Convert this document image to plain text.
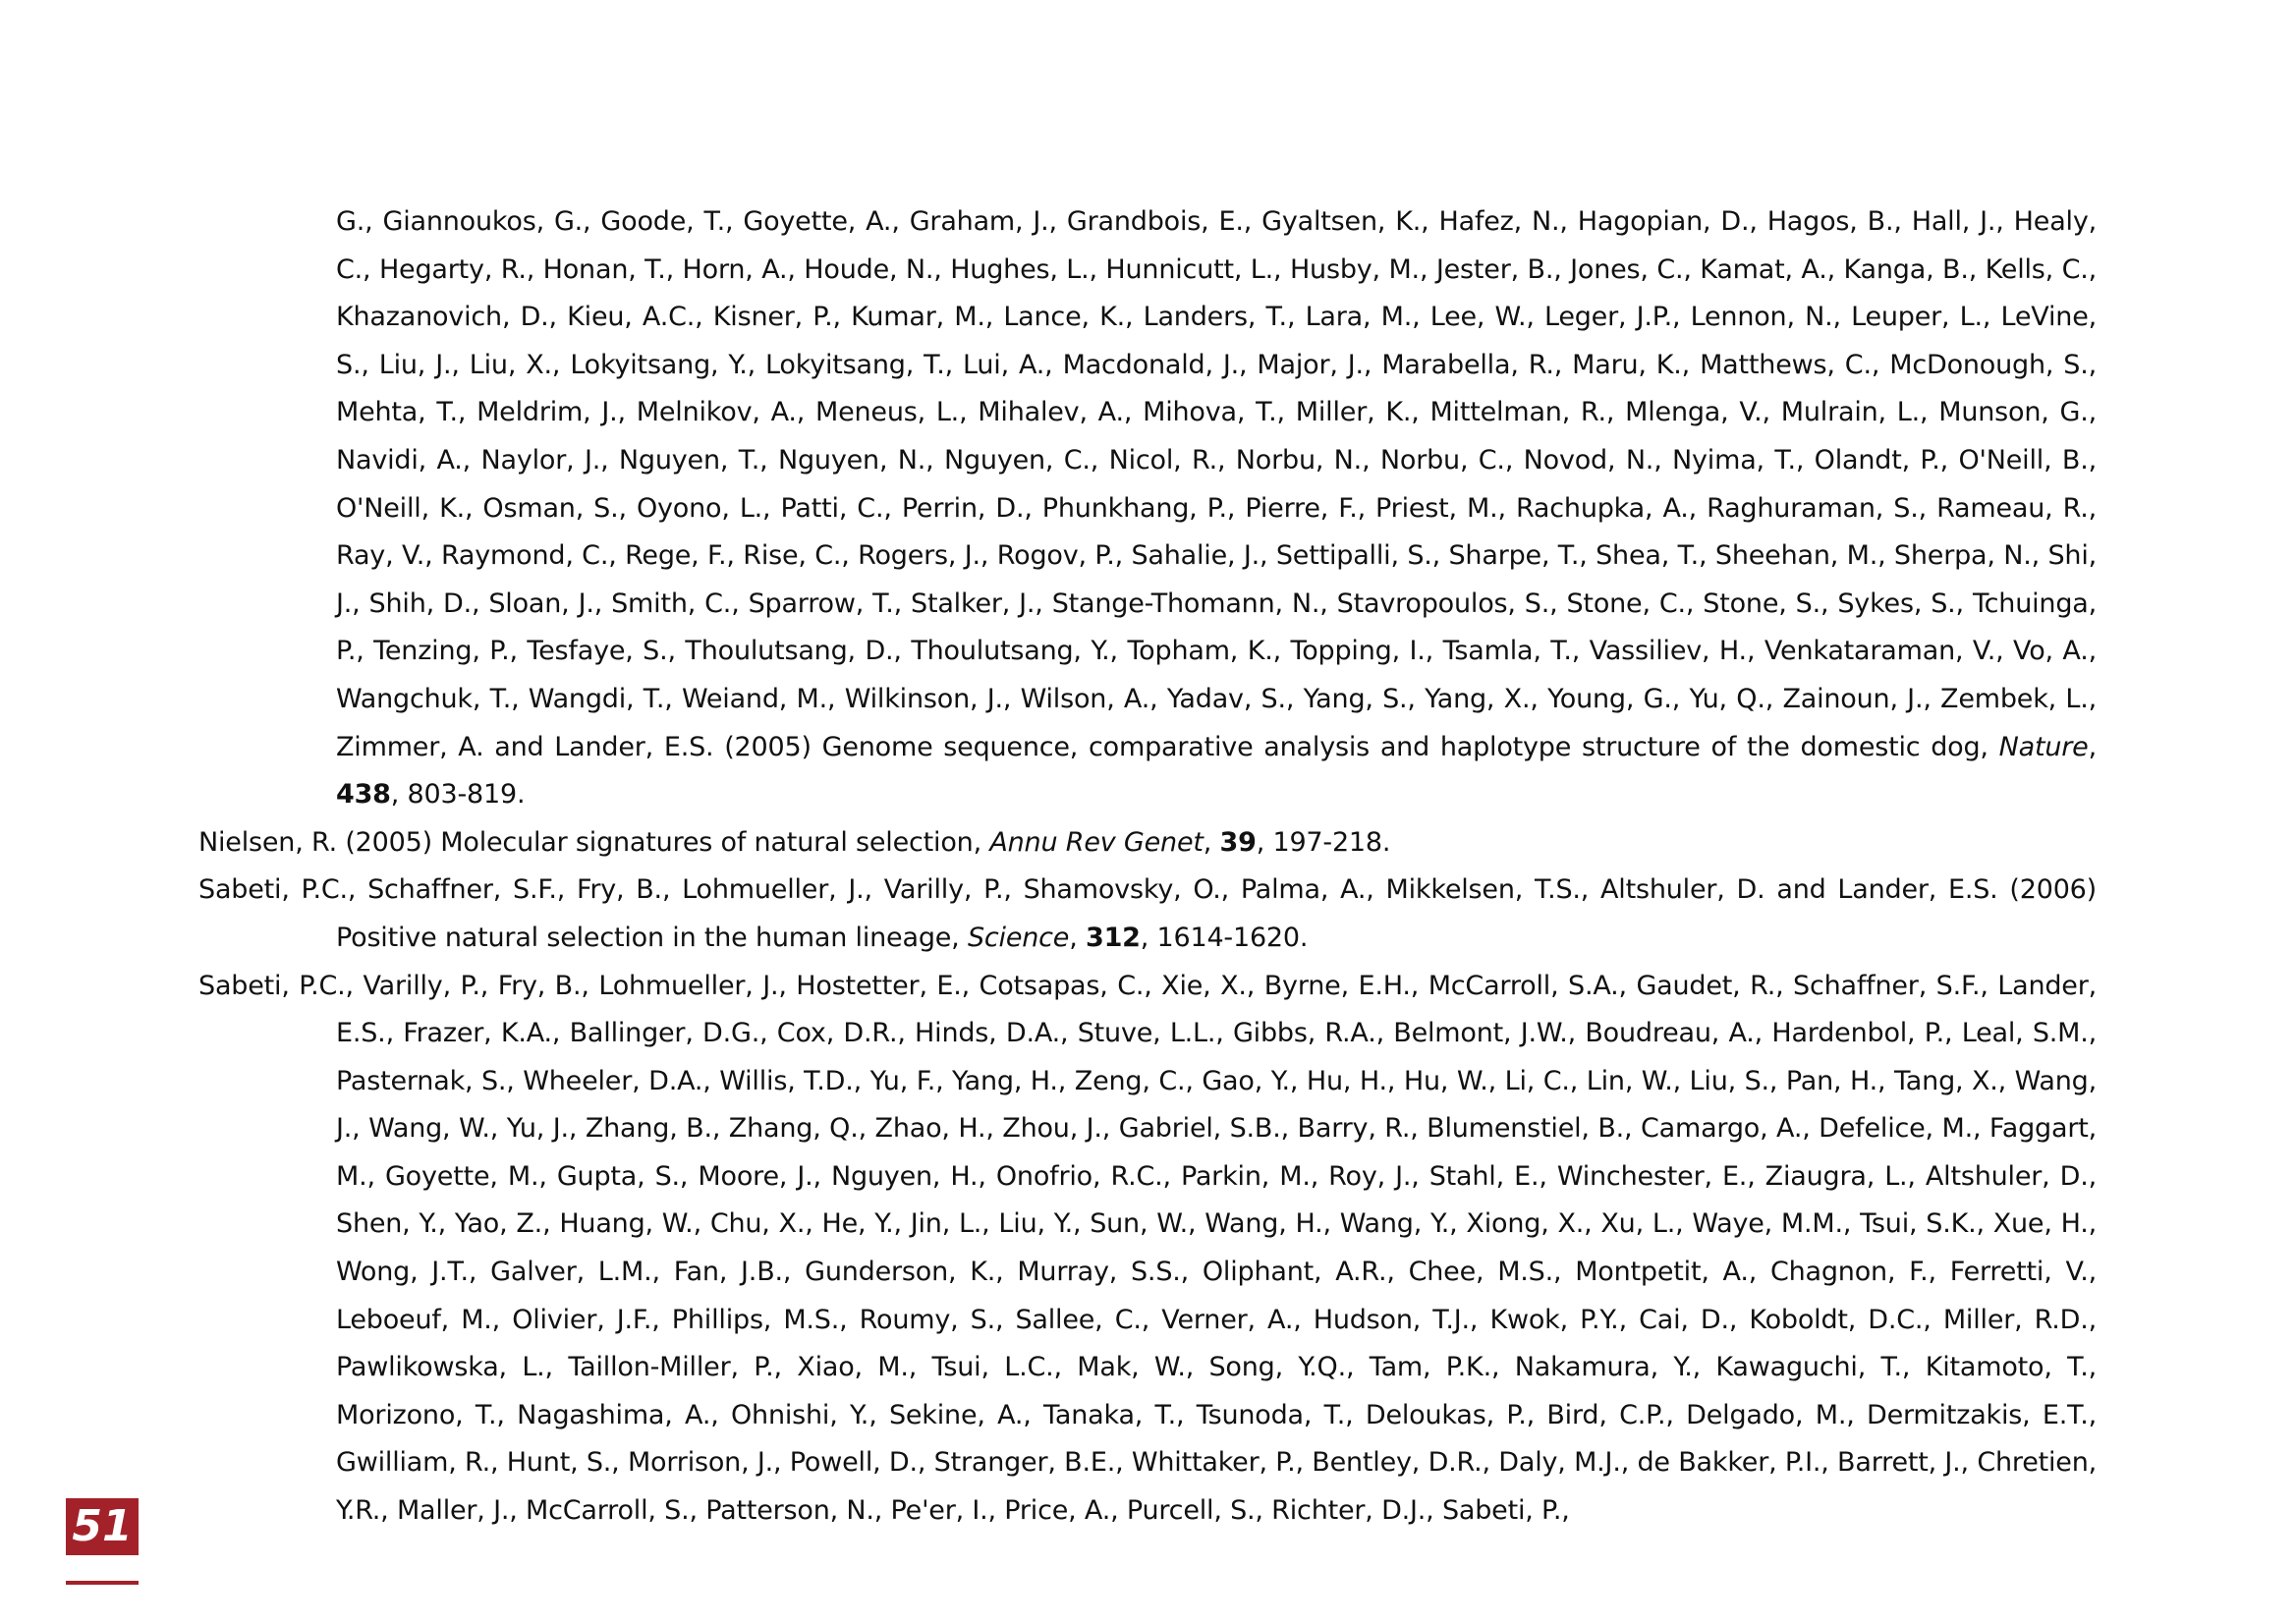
G., Giannoukos, G., Goode, T., Goyette, A., Graham, J., Grandbois, E., Gyaltsen, K., Hafez, N., Hagopian, D., Hagos, B., Hall, J., Healy, C., Hegarty, R., Honan, T., Horn, A., Houde, N., Hughes, L., Hunnicutt, L., Husby, M., Jester, B., Jones, C., Kamat, A., Kanga, B., Kells, C., Khazanovich, D., Kieu, A.C., Kisner, P., Kumar, M., Lance, K., Landers, T., Lara, M., Lee, W., Leger, J.P., Lennon, N., Leuper, L., LeVine, S., Liu, J., Liu, X., Lokyitsang, Y., Lokyitsang, T., Lui, A., Macdonald, J., Major, J., Marabella, R., Maru, K., Matthews, C., McDonough, S., Mehta, T., Meldrim, J., Melnikov, A., Meneus, L., Mihalev, A., Mihova, T., Miller, K., Mittelman, R., Mlenga, V., Mulrain, L., Munson, G., Navidi, A., Naylor, J., Nguyen, T., Nguyen, N., Nguyen, C., Nicol, R., Norbu, N., Norbu, C., Novod, N., Nyima, T., Olandt, P., O'Neill, B., O'Neill, K., Osman, S., Oyono, L., Patti, C., Perrin, D., Phunkhang, P., Pierre, F., Priest, M., Rachupka, A., Raghuraman, S., Rameau, R., Ray, V., Raymond, C., Rege, F., Rise, C., Rogers, J., Rogov, P., Sahalie, J., Settipalli, S., Sharpe, T., Shea, T., Sheehan, M., Sherpa, N., Shi, J., Shih, D., Sloan, J., Smith, C., Sparrow, T., Stalker, J., Stange-Thomann, N., Stavropoulos, S., Stone, C., Stone, S., Sykes, S., Tchuinga, P., Tenzing, P., Tesfaye, S., Thoulutsang, D., Thoulutsang, Y., Topham, K., Topping, I., Tsamla, T., Vassiliev, H., Venkataraman, V., Vo, A., Wangchuk, T., Wangdi, T., Weiand, M., Wilkinson, J., Wilson, A., Yadav, S., Yang, S., Yang, X., Young, G., Yu, Q., Zainoun, J., Zembek, L., Zimmer, A. and Lander, E.S. (2005) Genome sequence, comparative analysis and haplotype structure of the domestic dog, Nature, 438, 803-819.

Nielsen, R. (2005) Molecular signatures of natural selection, Annu Rev Genet, 39, 197-218.

Sabeti, P.C., Schaffner, S.F., Fry, B., Lohmueller, J., Varilly, P., Shamovsky, O., Palma, A., Mikkelsen, T.S., Altshuler, D. and Lander, E.S. (2006) Positive natural selection in the human lineage, Science, 312, 1614-1620.

Sabeti, P.C., Varilly, P., Fry, B., Lohmueller, J., Hostetter, E., Cotsapas, C., Xie, X., Byrne, E.H., McCarroll, S.A., Gaudet, R., Schaffner, S.F., Lander, E.S., Frazer, K.A., Ballinger, D.G., Cox, D.R., Hinds, D.A., Stuve, L.L., Gibbs, R.A., Belmont, J.W., Boudreau, A., Hardenbol, P., Leal, S.M., Pasternak, S., Wheeler, D.A., Willis, T.D., Yu, F., Yang, H., Zeng, C., Gao, Y., Hu, H., Hu, W., Li, C., Lin, W., Liu, S., Pan, H., Tang, X., Wang, J., Wang, W., Yu, J., Zhang, B., Zhang, Q., Zhao, H., Zhou, J., Gabriel, S.B., Barry, R., Blumenstiel, B., Camargo, A., Defelice, M., Faggart, M., Goyette, M., Gupta, S., Moore, J., Nguyen, H., Onofrio, R.C., Parkin, M., Roy, J., Stahl, E., Winchester, E., Ziaugra, L., Altshuler, D., Shen, Y., Yao, Z., Huang, W., Chu, X., He, Y., Jin, L., Liu, Y., Sun, W., Wang, H., Wang, Y., Xiong, X., Xu, L., Waye, M.M., Tsui, S.K., Xue, H., Wong, J.T., Galver, L.M., Fan, J.B., Gunderson, K., Murray, S.S., Oliphant, A.R., Chee, M.S., Montpetit, A., Chagnon, F., Ferretti, V., Leboeuf, M., Olivier, J.F., Phillips, M.S., Roumy, S., Sallee, C., Verner, A., Hudson, T.J., Kwok, P.Y., Cai, D., Koboldt, D.C., Miller, R.D., Pawlikowska, L., Taillon-Miller, P., Xiao, M., Tsui, L.C., Mak, W., Song, Y.Q., Tam, P.K., Nakamura, Y., Kawaguchi, T., Kitamoto, T., Morizono, T., Nagashima, A., Ohnishi, Y., Sekine, A., Tanaka, T., Tsunoda, T., Deloukas, P., Bird, C.P., Delgado, M., Dermitzakis, E.T., Gwilliam, R., Hunt, S., Morrison, J., Powell, D., Stranger, B.E., Whittaker, P., Bentley, D.R., Daly, M.J., de Bakker, P.I., Barrett, J., Chretien, Y.R., Maller, J., McCarroll, S., Patterson, N., Pe'er, I., Price, A., Purcell, S., Richter, D.J., Sabeti, P.,

51
